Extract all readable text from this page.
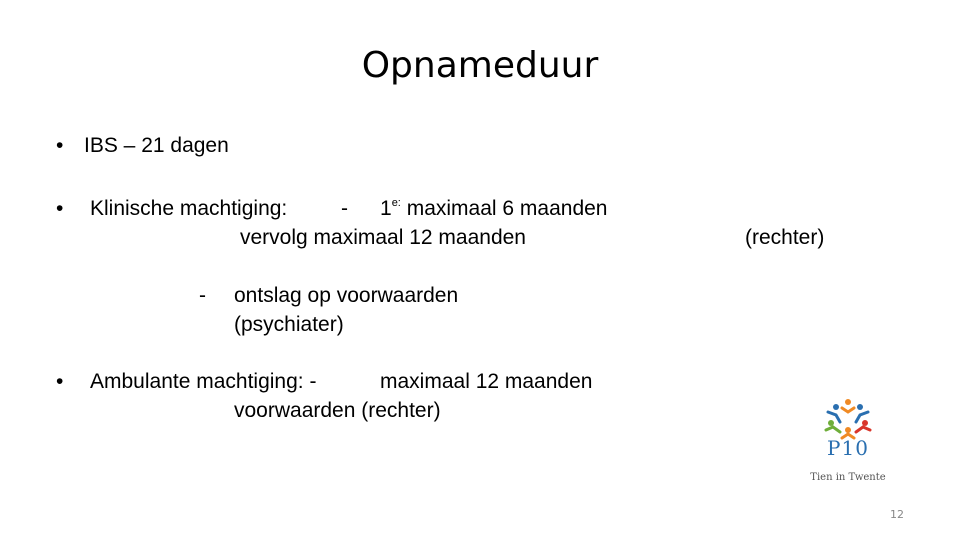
Opnameduur
• IBS – 21 dagen
• Klinische machtiging:	- $1^{e:}$ maximaal 6 maanden
vervolg maximaal 12 maanden	(rechter)
- ontslag op voorwaarden
(psychiater)
• Ambulante machtiging: -	maximaal 12 maanden
voorwaarden (rechter)
P10
Tien in Twente
12
